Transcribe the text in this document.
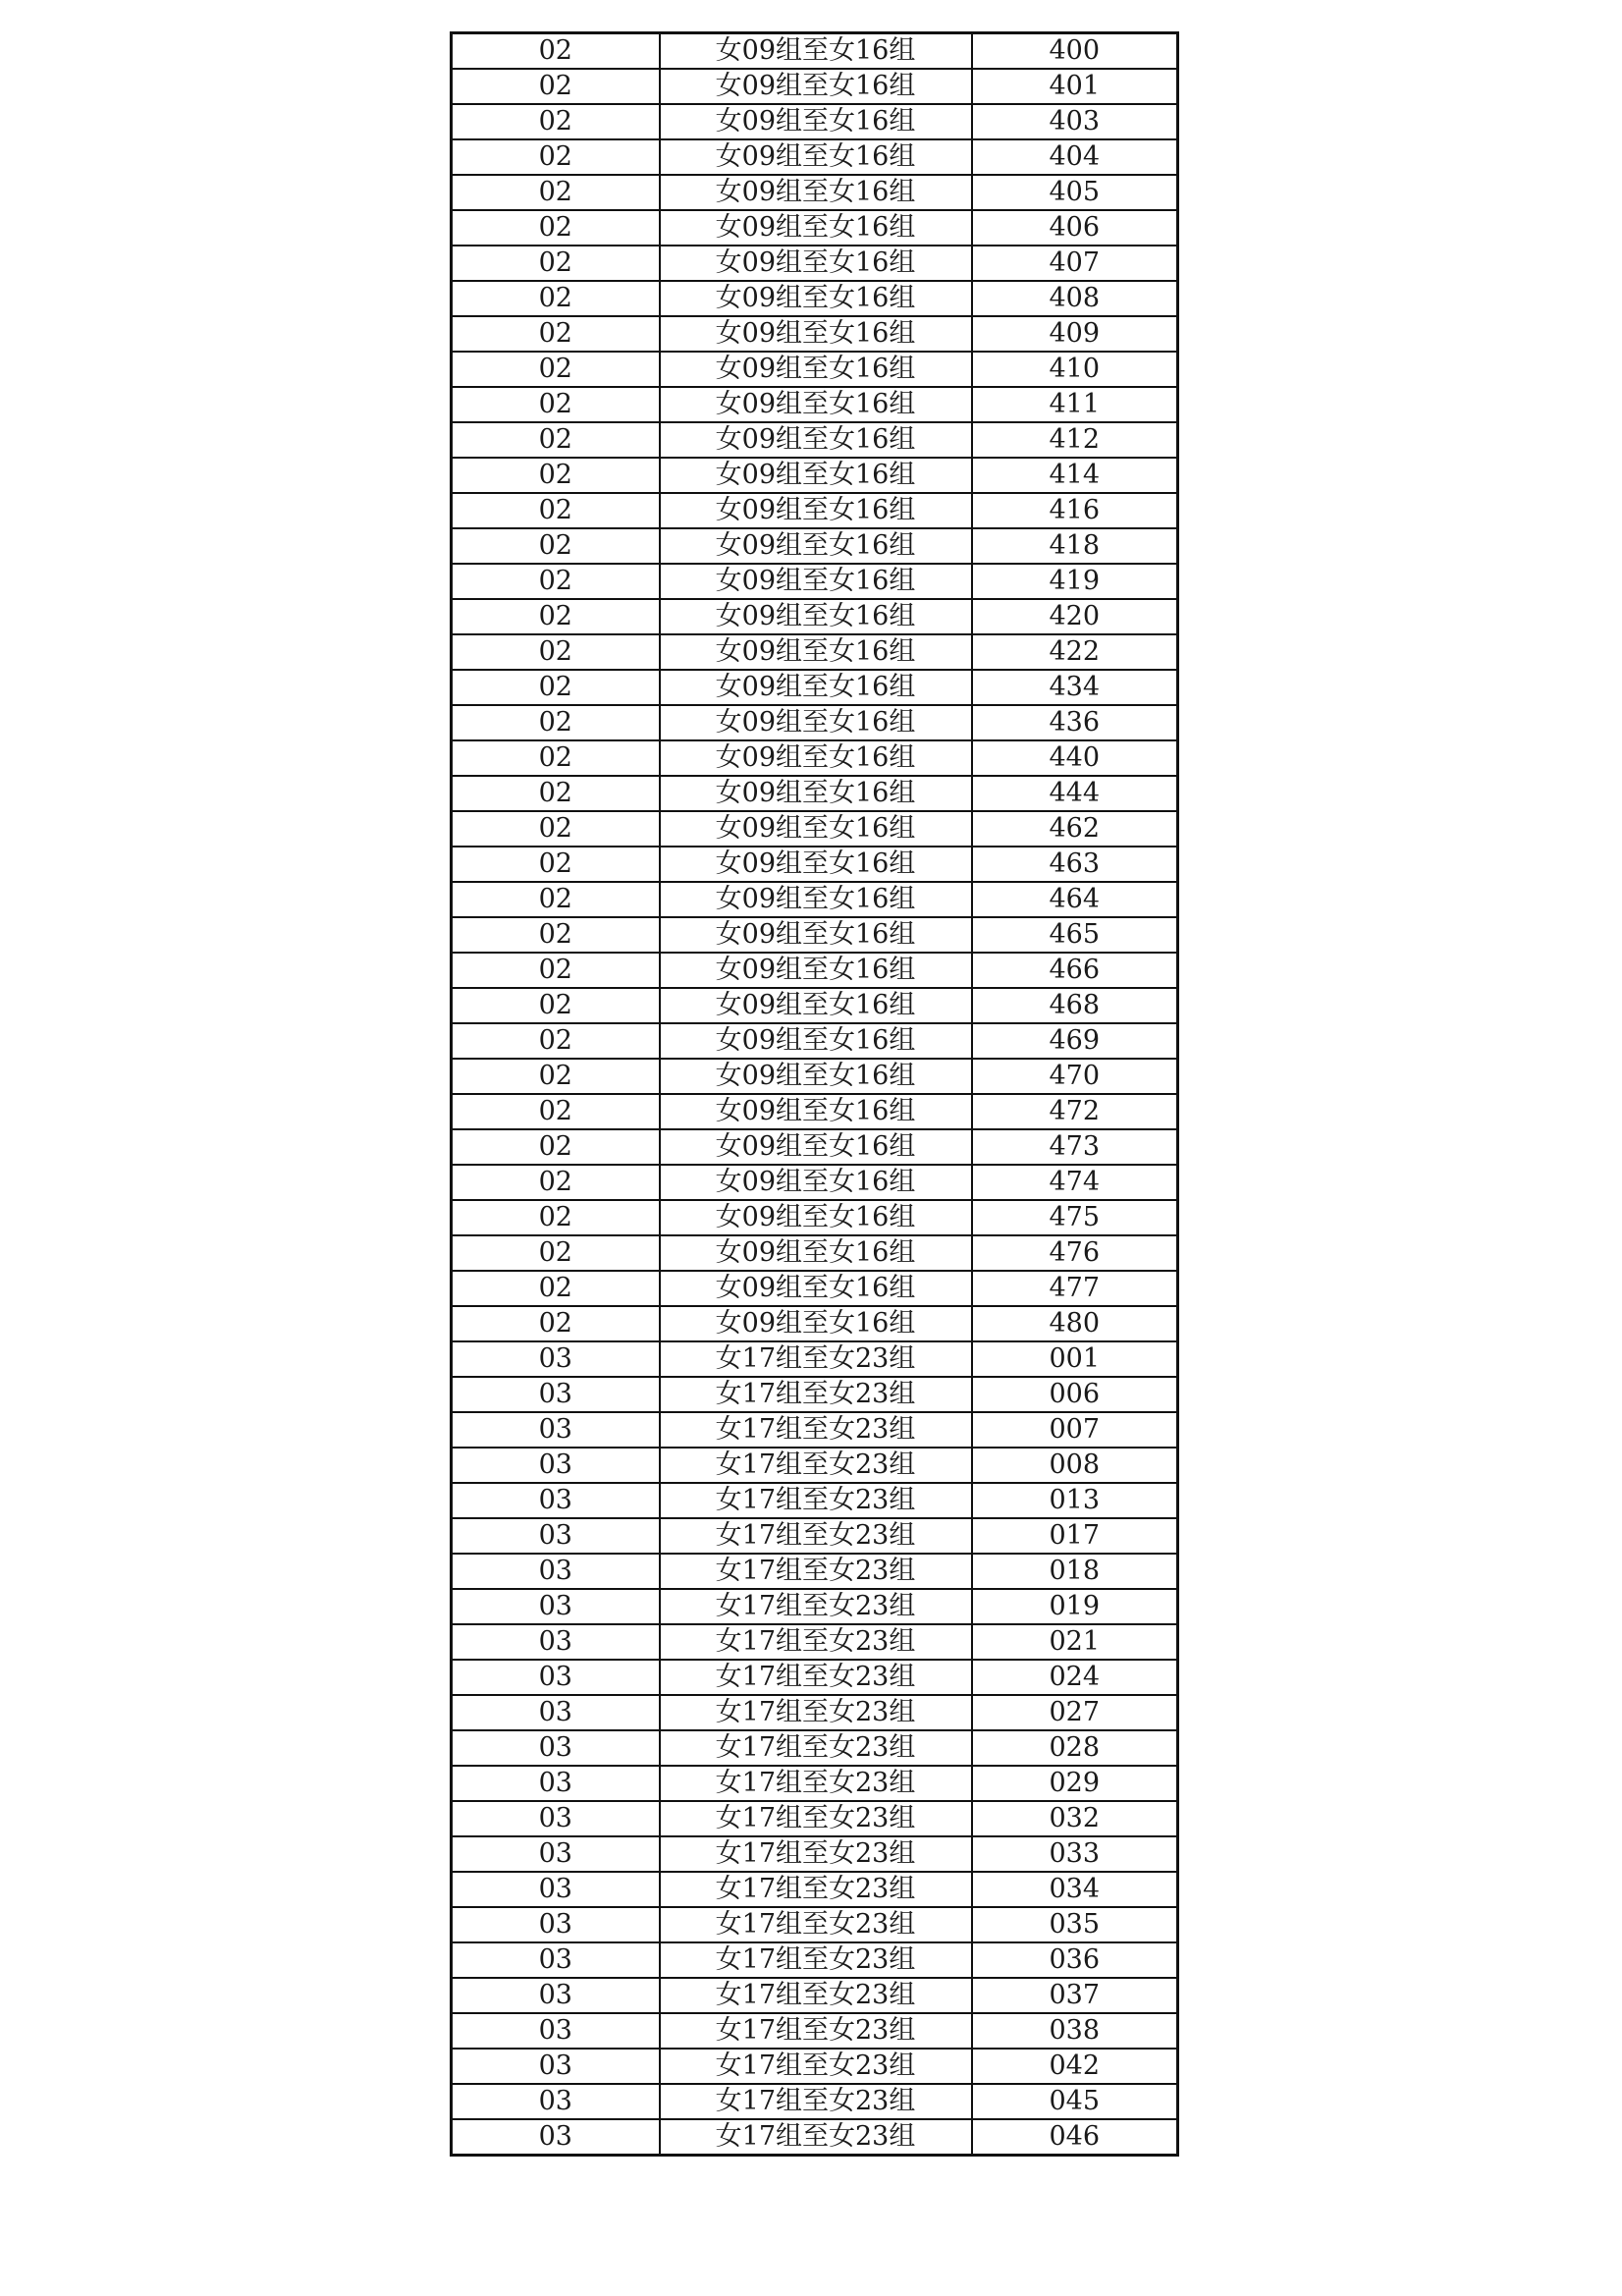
02	女09组至女16组	400
02	女09组至女16组	401
02	女09组至女16组	403
02	女09组至女16组	404
02	女09组至女16组	405
02	女09组至女16组	406
02	女09组至女16组	407
02	女09组至女16组	408
02	女09组至女16组	409
02	女09组至女16组	410
02	女09组至女16组	411
02	女09组至女16组	412
02	女09组至女16组	414
02	女09组至女16组	416
02	女09组至女16组	418
02	女09组至女16组	419
02	女09组至女16组	420
02	女09组至女16组	422
02	女09组至女16组	434
02	女09组至女16组	436
02	女09组至女16组	440
02	女09组至女16组	444
02	女09组至女16组	462
02	女09组至女16组	463
02	女09组至女16组	464
02	女09组至女16组	465
02	女09组至女16组	466
02	女09组至女16组	468
02	女09组至女16组	469
02	女09组至女16组	470
02	女09组至女16组	472
02	女09组至女16组	473
02	女09组至女16组	474
02	女09组至女16组	475
02	女09组至女16组	476
02	女09组至女16组	477
02	女09组至女16组	480
03	女17组至女23组	001
03	女17组至女23组	006
03	女17组至女23组	007
03	女17组至女23组	008
03	女17组至女23组	013
03	女17组至女23组	017
03	女17组至女23组	018
03	女17组至女23组	019
03	女17组至女23组	021
03	女17组至女23组	024
03	女17组至女23组	027
03	女17组至女23组	028
03	女17组至女23组	029
03	女17组至女23组	032
03	女17组至女23组	033
03	女17组至女23组	034
03	女17组至女23组	035
03	女17组至女23组	036
03	女17组至女23组	037
03	女17组至女23组	038
03	女17组至女23组	042
03	女17组至女23组	045
03	女17组至女23组	046
